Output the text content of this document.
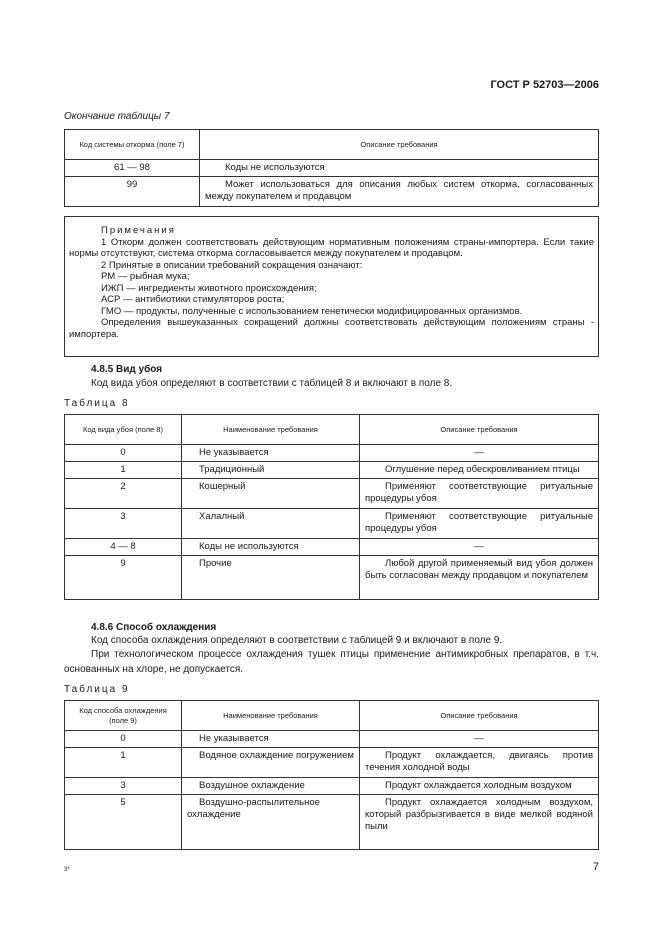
ГОСТ Р 52703—2006
Окончание таблицы 7
Код системы откорма (поле 7)	Описание требования
61 — 98	Коды не используются
99	Может использоваться для описания любых систем откорма, согласованных между покупателем и продавцом
Примечания
1 Откорм должен соответствовать действующим нормативным положениям страны-импортера. Если такие нормы отсутствуют, система откорма согласовывается между покупателем и продавцом.
2 Принятые в описании требований сокращения означают:
РМ — рыбная мука;
ИЖП — ингредиенты животного происхождения;
АСР — антибиотики стимуляторов роста;
ГМО — продукты, полученные с использованием генетически модифицированных организмов.
Определения вышеуказанных сокращений должны соответствовать действующим положениям страны - импортера.
4.8.5 Вид убоя
Код вида убоя определяют в соответствии с таблицей 8 и включают в поле 8.
Таблица 8
Код вида убоя (поле 8)	Наименование требования	Описание требования
0	Не указывается	—
1	Традиционный	Оглушение перед обескровливанием птицы
2	Кошерный	Применяют соответствующие ритуальные процедуры убоя
3	Халалный	Применяют соответствующие ритуальные процедуры убоя
4 — 8	Коды не используются	—
9	Прочие	Любой другой применяемый вид убоя должен быть согласован между продавцом и покупателем
4.8.6 Способ охлаждения
Код способа охлаждения определяют в соответствии с таблицей 9 и включают в поле 9.
При технологическом процессе охлаждения тушек птицы применение антимикробных препаратов, в т.ч. основанных на хлоре, не допускается.
Таблица 9
Код способа охлаждения (поле 9)	Наименование требования	Описание требования
0	Не указывается	—
1	Водяное охлаждение погружением	Продукт охлаждается, двигаясь против течения холодной воды
3	Воздушное охлаждение	Продукт охлаждается холодным воздухом
5	Воздушно-распылительное охлаждение	Продукт охлаждается холодным воздухом, который разбрызгивается в виде мелкой водяной пыли
3*	7
